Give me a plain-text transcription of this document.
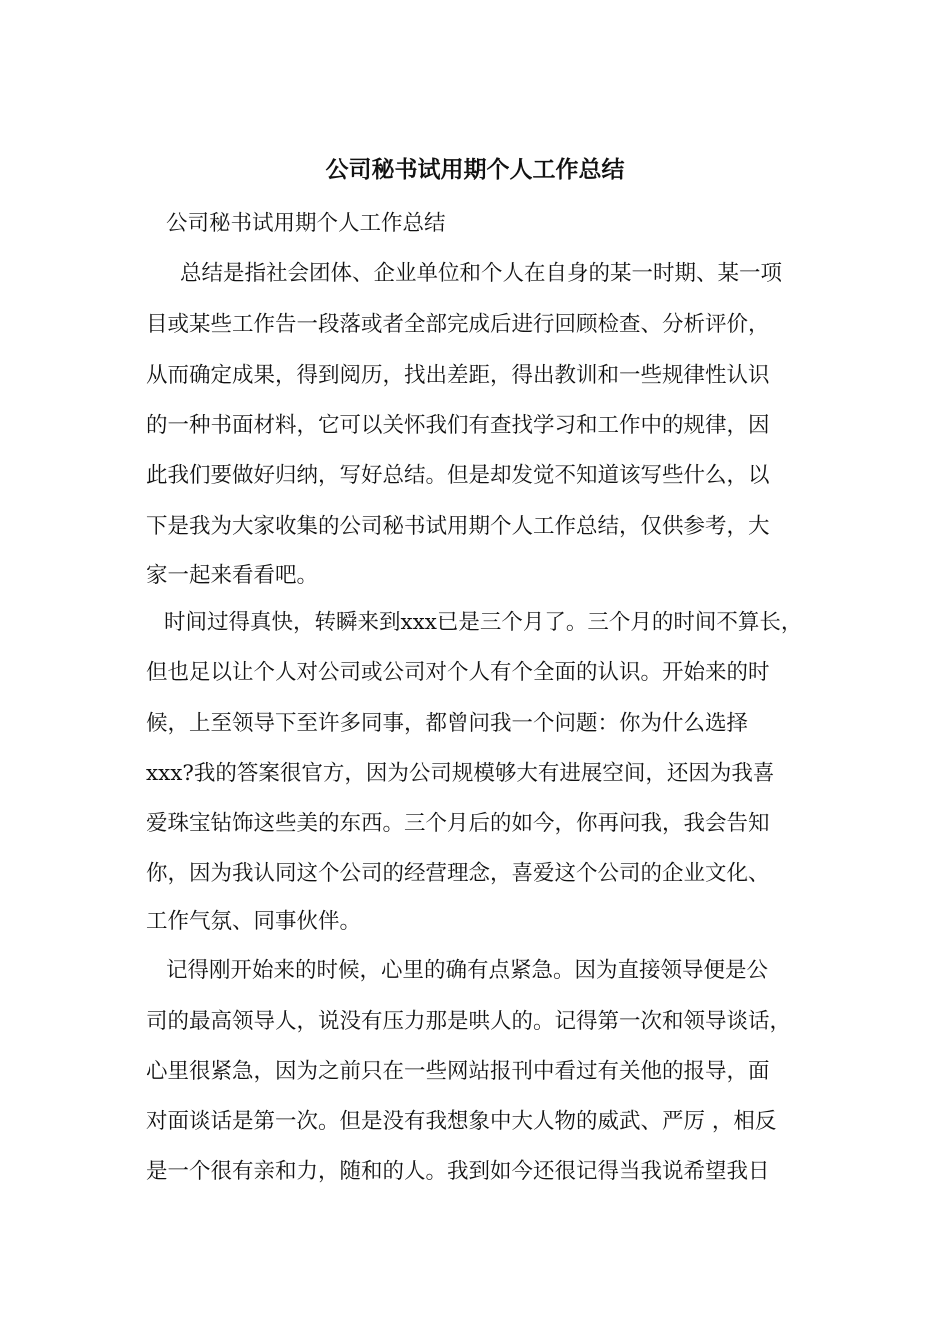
公司秘书试用期个人工作总结

公司秘书试用期个人工作总结

总结是指社会团体、企业单位和个人在自身的某一时期、某一项

目或某些工作告一段落或者全部完成后进行回顾检查、分析评价，

从而确定成果，得到阅历，找出差距，得出教训和一些规律性认识

的一种书面材料，它可以关怀我们有查找学习和工作中的规律，因

此我们要做好归纳，写好总结。但是却发觉不知道该写些什么，以

下是我为大家收集的公司秘书试用期个人工作总结，仅供参考，大

家一起来看看吧。

时间过得真快，转瞬来到xxx已是三个月了。三个月的时间不算长，

但也足以让个人对公司或公司对个人有个全面的认识。开始来的时

候，上至领导下至许多同事，都曾问我一个问题：你为什么选择

xxx?我的答案很官方，因为公司规模够大有进展空间，还因为我喜

爱珠宝钻饰这些美的东西。三个月后的如今，你再问我，我会告知

你，因为我认同这个公司的经营理念，喜爱这个公司的企业文化、

工作气氛、同事伙伴。

记得刚开始来的时候，心里的确有点紧急。因为直接领导便是公

司的最高领导人，说没有压力那是哄人的。记得第一次和领导谈话，

心里很紧急，因为之前只在一些网站报刊中看过有关他的报导，面

对面谈话是第一次。但是没有我想象中大人物的威武、严厉 ，相反

是一个很有亲和力，随和的人。我到如今还很记得当我说希望我日
